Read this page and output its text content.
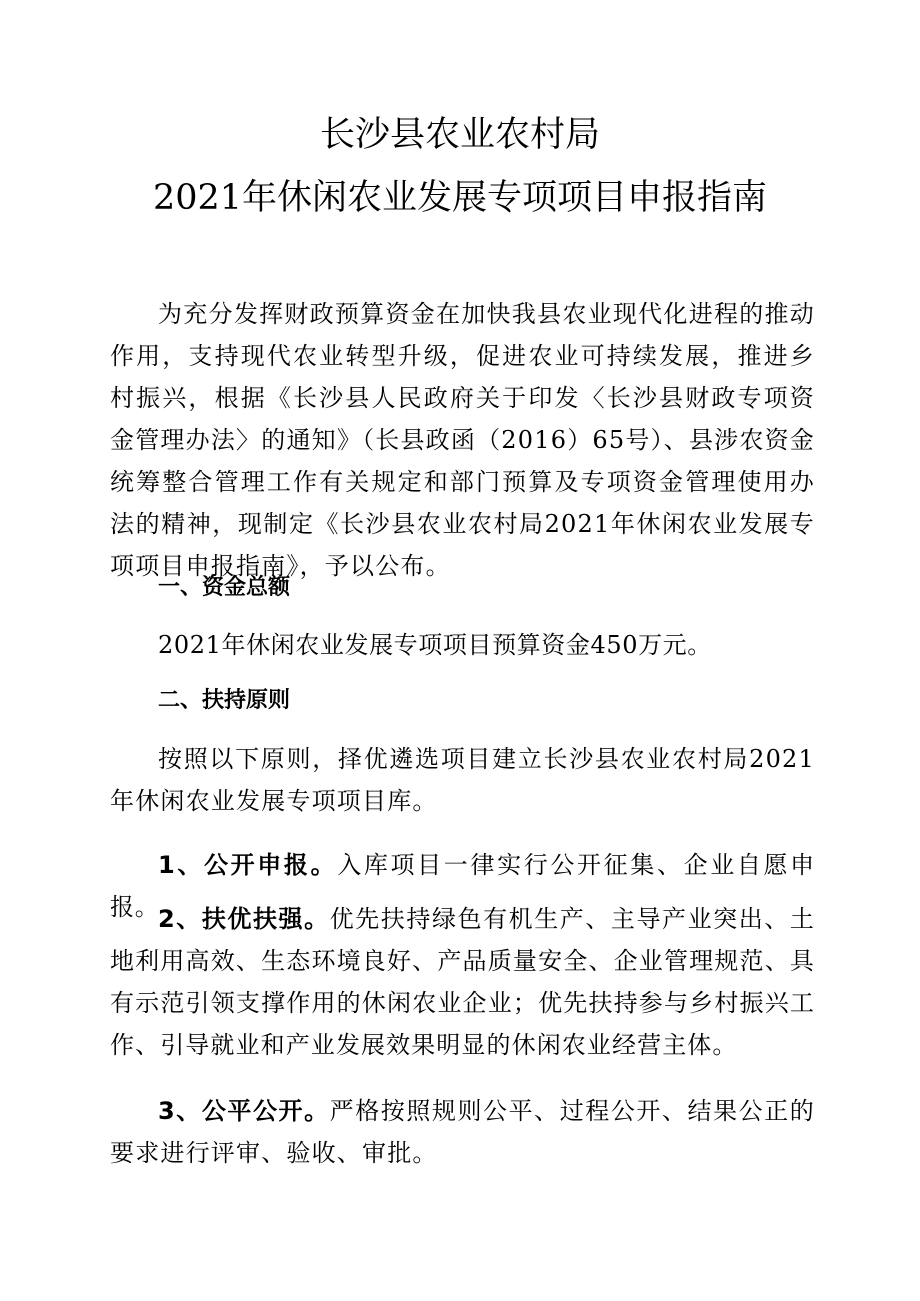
长沙县农业农村局
2021年休闲农业发展专项项目申报指南

为充分发挥财政预算资金在加快我县农业现代化进程的推动作用，支持现代农业转型升级，促进农业可持续发展，推进乡村振兴，根据《长沙县人民政府关于印发〈长沙县财政专项资金管理办法〉的通知》（长县政函（2016）65号）、县涉农资金统筹整合管理工作有关规定和部门预算及专项资金管理使用办法的精神，现制定《长沙县农业农村局2021年休闲农业发展专项项目申报指南》，予以公布。

一、资金总额

2021年休闲农业发展专项项目预算资金450万元。

二、扶持原则

按照以下原则，择优遴选项目建立长沙县农业农村局2021年休闲农业发展专项项目库。

1、公开申报。入库项目一律实行公开征集、企业自愿申报。

2、扶优扶强。优先扶持绿色有机生产、主导产业突出、土地利用高效、生态环境良好、产品质量安全、企业管理规范、具有示范引领支撑作用的休闲农业企业；优先扶持参与乡村振兴工作、引导就业和产业发展效果明显的休闲农业经营主体。

3、公平公开。严格按照规则公平、过程公开、结果公正的要求进行评审、验收、审批。
